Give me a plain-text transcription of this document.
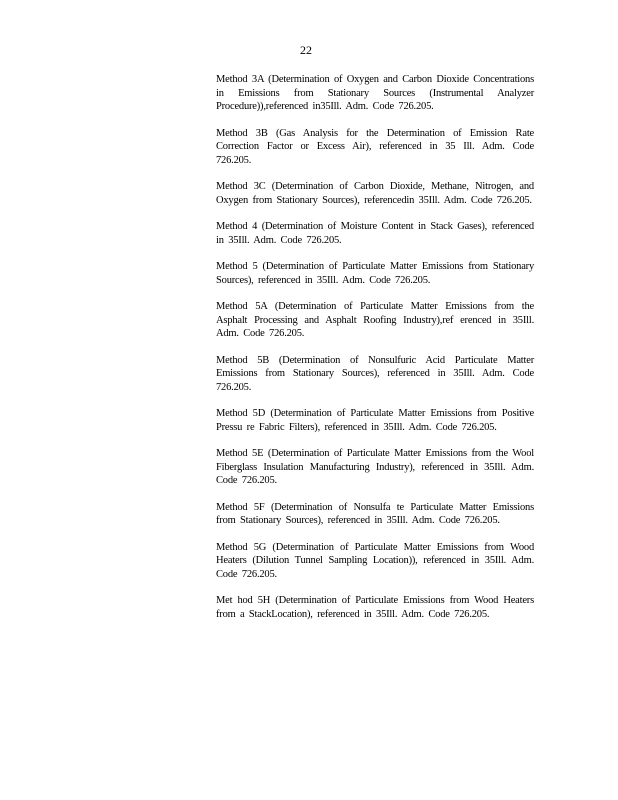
22

Method 3A (Determination of Oxygen and Carbon Dioxide Concentrations in Emissions from Stationary Sources (Instrumental Analyzer Procedure)),referenced in35Ill. Adm. Code 726.205.

Method 3B (Gas Analysis for the Determination of Emission Rate Correction Factor or Excess Air), referenced in 35 Ill. Adm. Code 726.205.

Method 3C (Determination of Carbon Dioxide, Methane, Nitrogen, and Oxygen from Stationary Sources), referencedin 35Ill. Adm. Code 726.205.

Method 4 (Determination of Moisture Content in Stack Gases), referenced in 35Ill. Adm. Code 726.205.

Method 5 (Determination of Particulate Matter Emissions from Stationary Sources), referenced in 35Ill. Adm. Code 726.205.

Method 5A (Determination of Particulate Matter Emissions from the Asphalt Processing and Asphalt Roofing Industry),ref erenced in 35Ill. Adm. Code 726.205.

Method 5B (Determination of Nonsulfuric Acid Particulate Matter Emissions from Stationary Sources), referenced in 35Ill. Adm. Code 726.205.

Method 5D (Determination of Particulate Matter Emissions from Positive Pressu re Fabric Filters), referenced in 35Ill. Adm. Code 726.205.

Method 5E (Determination of Particulate Matter Emissions from the Wool Fiberglass Insulation Manufacturing Industry), referenced in 35Ill. Adm. Code 726.205.

Method 5F (Determination of Nonsulfa te Particulate Matter Emissions from Stationary Sources), referenced in 35Ill. Adm. Code 726.205.

Method 5G (Determination of Particulate Matter Emissions from Wood Heaters (Dilution Tunnel Sampling Location)), referenced in 35Ill. Adm. Code 726.205.

Met hod 5H (Determination of Particulate Emissions from Wood Heaters from a StackLocation), referenced in 35Ill. Adm. Code 726.205.
